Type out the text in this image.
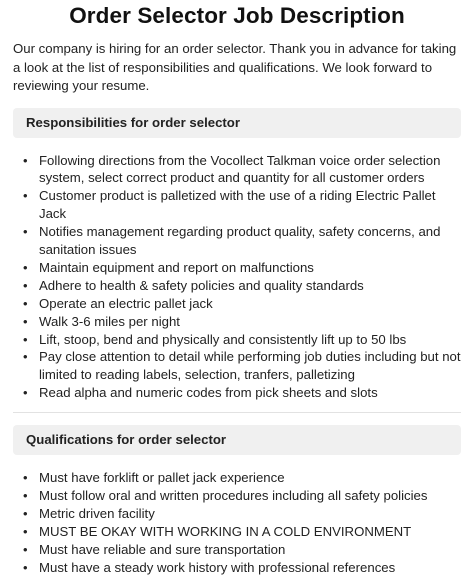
Order Selector Job Description

Our company is hiring for an order selector. Thank you in advance for taking a look at the list of responsibilities and qualifications. We look forward to reviewing your resume.

Responsibilities for order selector
• Following directions from the Vocollect Talkman voice order selection system, select correct product and quantity for all customer orders
• Customer product is palletized with the use of a riding Electric Pallet Jack
• Notifies management regarding product quality, safety concerns, and sanitation issues
• Maintain equipment and report on malfunctions
• Adhere to health & safety policies and quality standards
• Operate an electric pallet jack
• Walk 3-6 miles per night
• Lift, stoop, bend and physically and consistently lift up to 50 lbs
• Pay close attention to detail while performing job duties including but not limited to reading labels, selection, tranfers, palletizing
• Read alpha and numeric codes from pick sheets and slots
Qualifications for order selector
• Must have forklift or pallet jack experience
• Must follow oral and written procedures including all safety policies
• Metric driven facility
• MUST BE OKAY WITH WORKING IN A COLD ENVIRONMENT
• Must have reliable and sure transportation
• Must have a steady work history with professional references
